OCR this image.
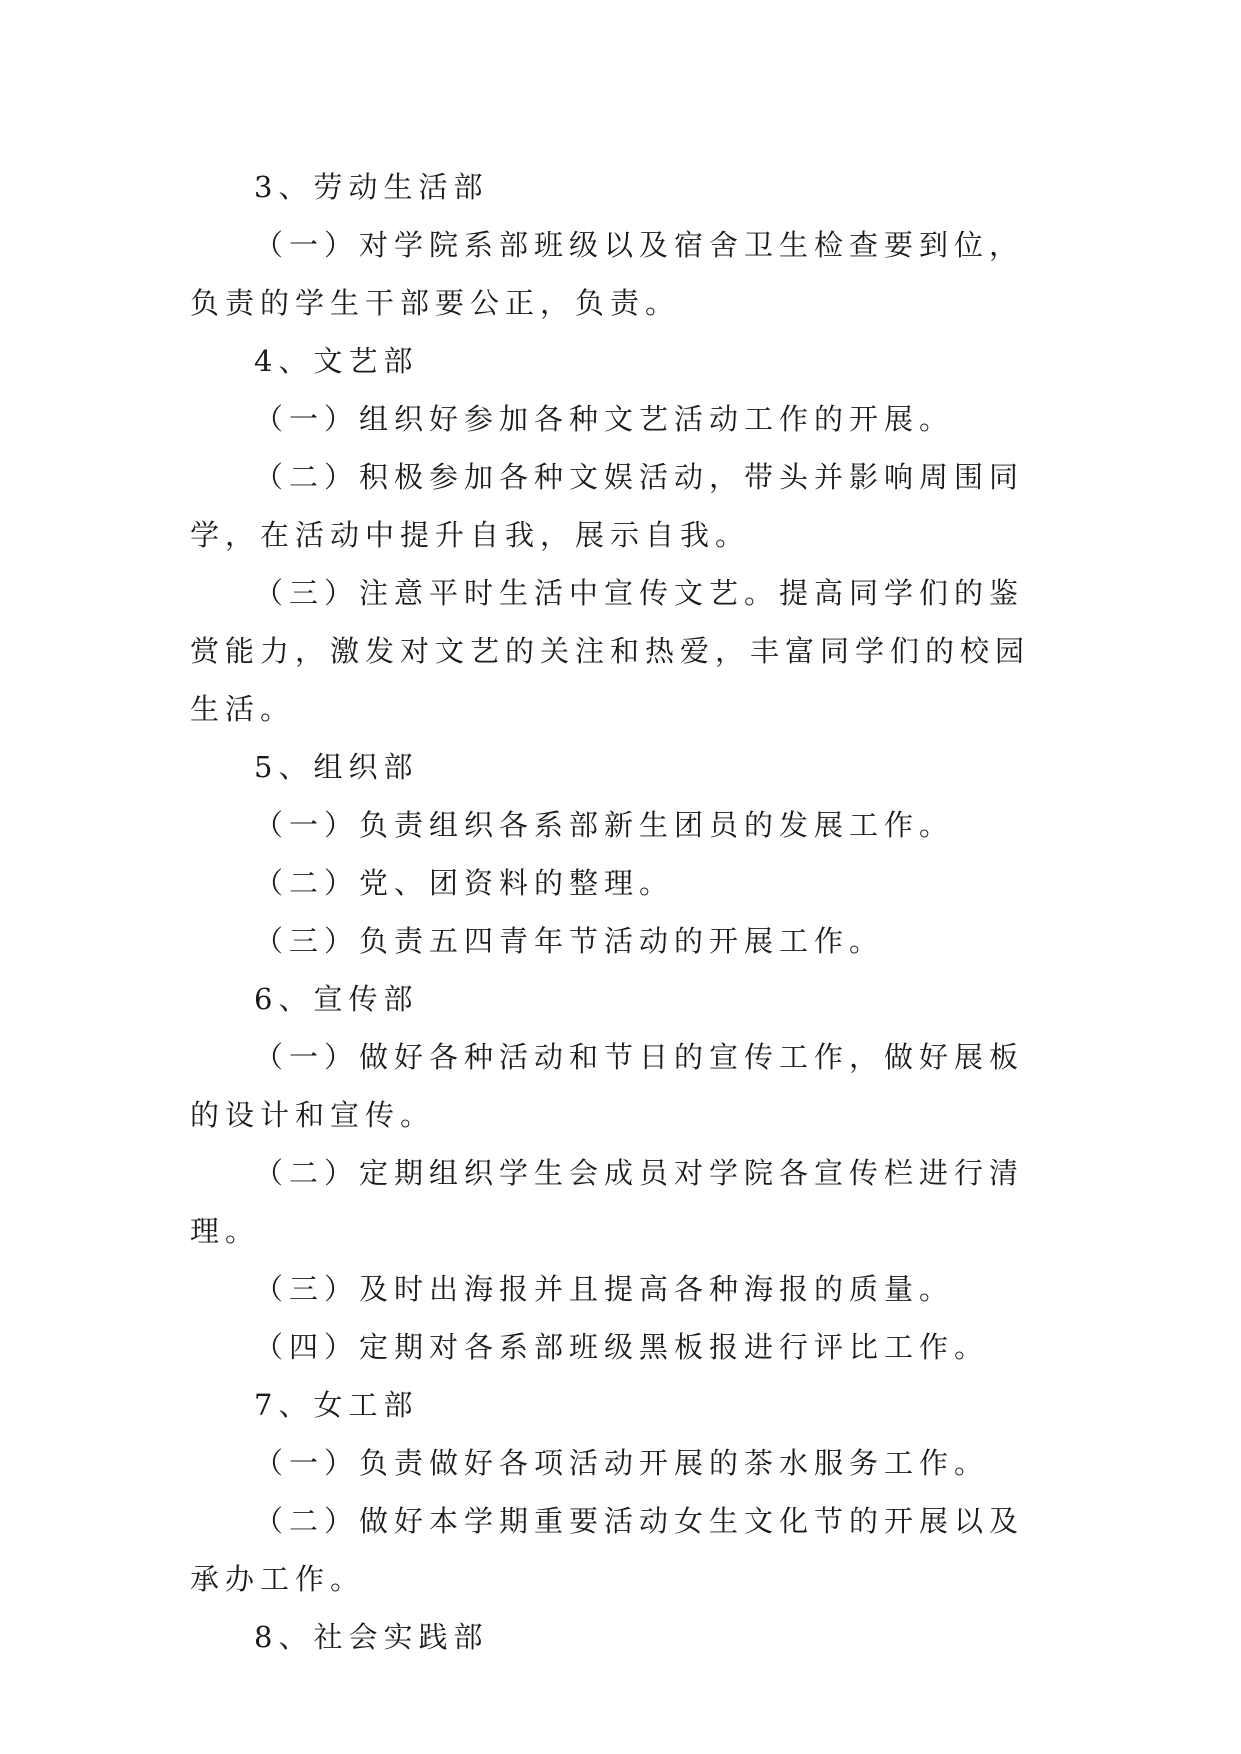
3、劳动生活部

（一）对学院系部班级以及宿舍卫生检查要到位，负责的学生干部要公正，负责。

4、文艺部

（一）组织好参加各种文艺活动工作的开展。

（二）积极参加各种文娱活动，带头并影响周围同学，在活动中提升自我，展示自我。

（三）注意平时生活中宣传文艺。提高同学们的鉴赏能力，激发对文艺的关注和热爱，丰富同学们的校园生活。

5、组织部

（一）负责组织各系部新生团员的发展工作。

（二）党、团资料的整理。

（三）负责五四青年节活动的开展工作。

6、宣传部

（一）做好各种活动和节日的宣传工作，做好展板的设计和宣传。

（二）定期组织学生会成员对学院各宣传栏进行清理。

（三）及时出海报并且提高各种海报的质量。

（四）定期对各系部班级黑板报进行评比工作。

7、女工部

（一）负责做好各项活动开展的茶水服务工作。

（二）做好本学期重要活动女生文化节的开展以及承办工作。

8、社会实践部
